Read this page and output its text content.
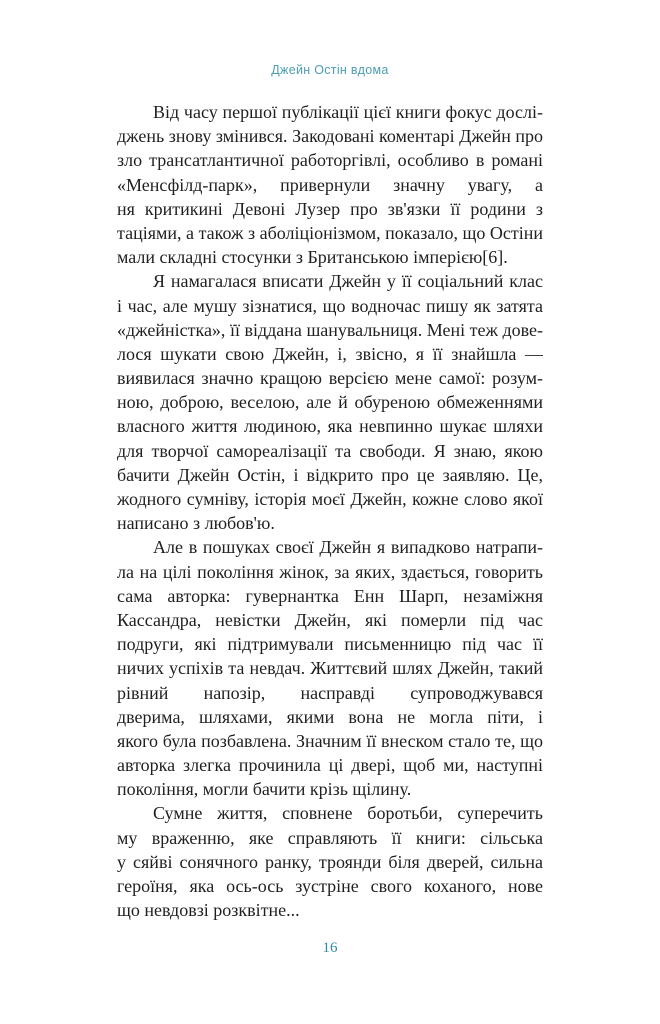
Джейн Остін вдома
Від часу першої публікації цієї книги фокус дослі-
джень знову змінився. Закодовані коментарі Джейн про
зло трансатлантичної работоргівлі, особливо в романі
«Менсфілд-парк», привернули значну увагу, а
ня критикині Девоні Лузер про зв'язки її родини з
таціями, а також з аболіціонізмом, показало, що Остіни
мали складні стосунки з Британською імперією[6].
Я намагалася вписати Джейн у її соціальний клас
і час, але мушу зізнатися, що водночас пишу як затята
«джейністка», її віддана шанувальниця. Мені теж дове-
лося шукати свою Джейн, і, звісно, я її знайшла —
виявилася значно кращою версією мене самої: розум-
ною, доброю, веселою, але й обуреною обмеженнями
власного життя людиною, яка невпинно шукає шляхи
для творчої самореалізації та свободи. Я знаю, якою
бачити Джейн Остін, і відкрито про це заявляю. Це,
жодного сумніву, історія моєї Джейн, кожне слово якої
написано з любов'ю.
Але в пошуках своєї Джейн я випадково натрапи-
ла на цілі покоління жінок, за яких, здається, говорить
сама авторка: гувернантка Енн Шарп, незаміжня
Кассандра, невістки Джейн, які померли під час
подруги, які підтримували письменницю під час її
ничих успіхів та невдач. Життєвий шлях Джейн, такий
рівний напозір, насправді супроводжувався
дверима, шляхами, якими вона не могла піти, і
якого була позбавлена. Значним її внеском стало те, що
авторка злегка прочинила ці двері, щоб ми, наступні
покоління, могли бачити крізь щілину.
Сумне життя, сповнене боротьби, суперечить
му враженню, яке справляють її книги: сільська
у сяйві сонячного ранку, троянди біля дверей, сильна
героїня, яка ось-ось зустріне свого коханого, нове
що невдовзі розквітне...
16
